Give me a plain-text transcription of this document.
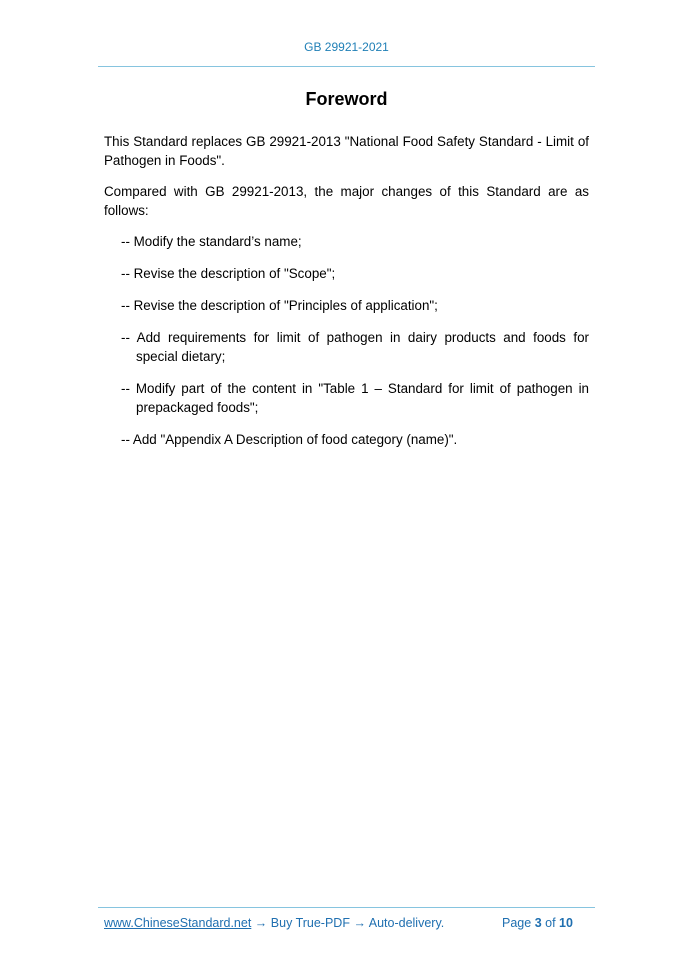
GB 29921-2021
Foreword

This Standard replaces GB 29921-2013 "National Food Safety Standard - Limit of Pathogen in Foods".

Compared with GB 29921-2013, the major changes of this Standard are as follows:

-- Modify the standard’s name;
-- Revise the description of "Scope";
-- Revise the description of "Principles of application";
-- Add requirements for limit of pathogen in dairy products and foods for special dietary;
-- Modify part of the content in "Table 1 – Standard for limit of pathogen in prepackaged foods";
-- Add "Appendix A Description of food category (name)".
www.ChineseStandard.net → Buy True-PDF → Auto-delivery.	Page 3 of 10
